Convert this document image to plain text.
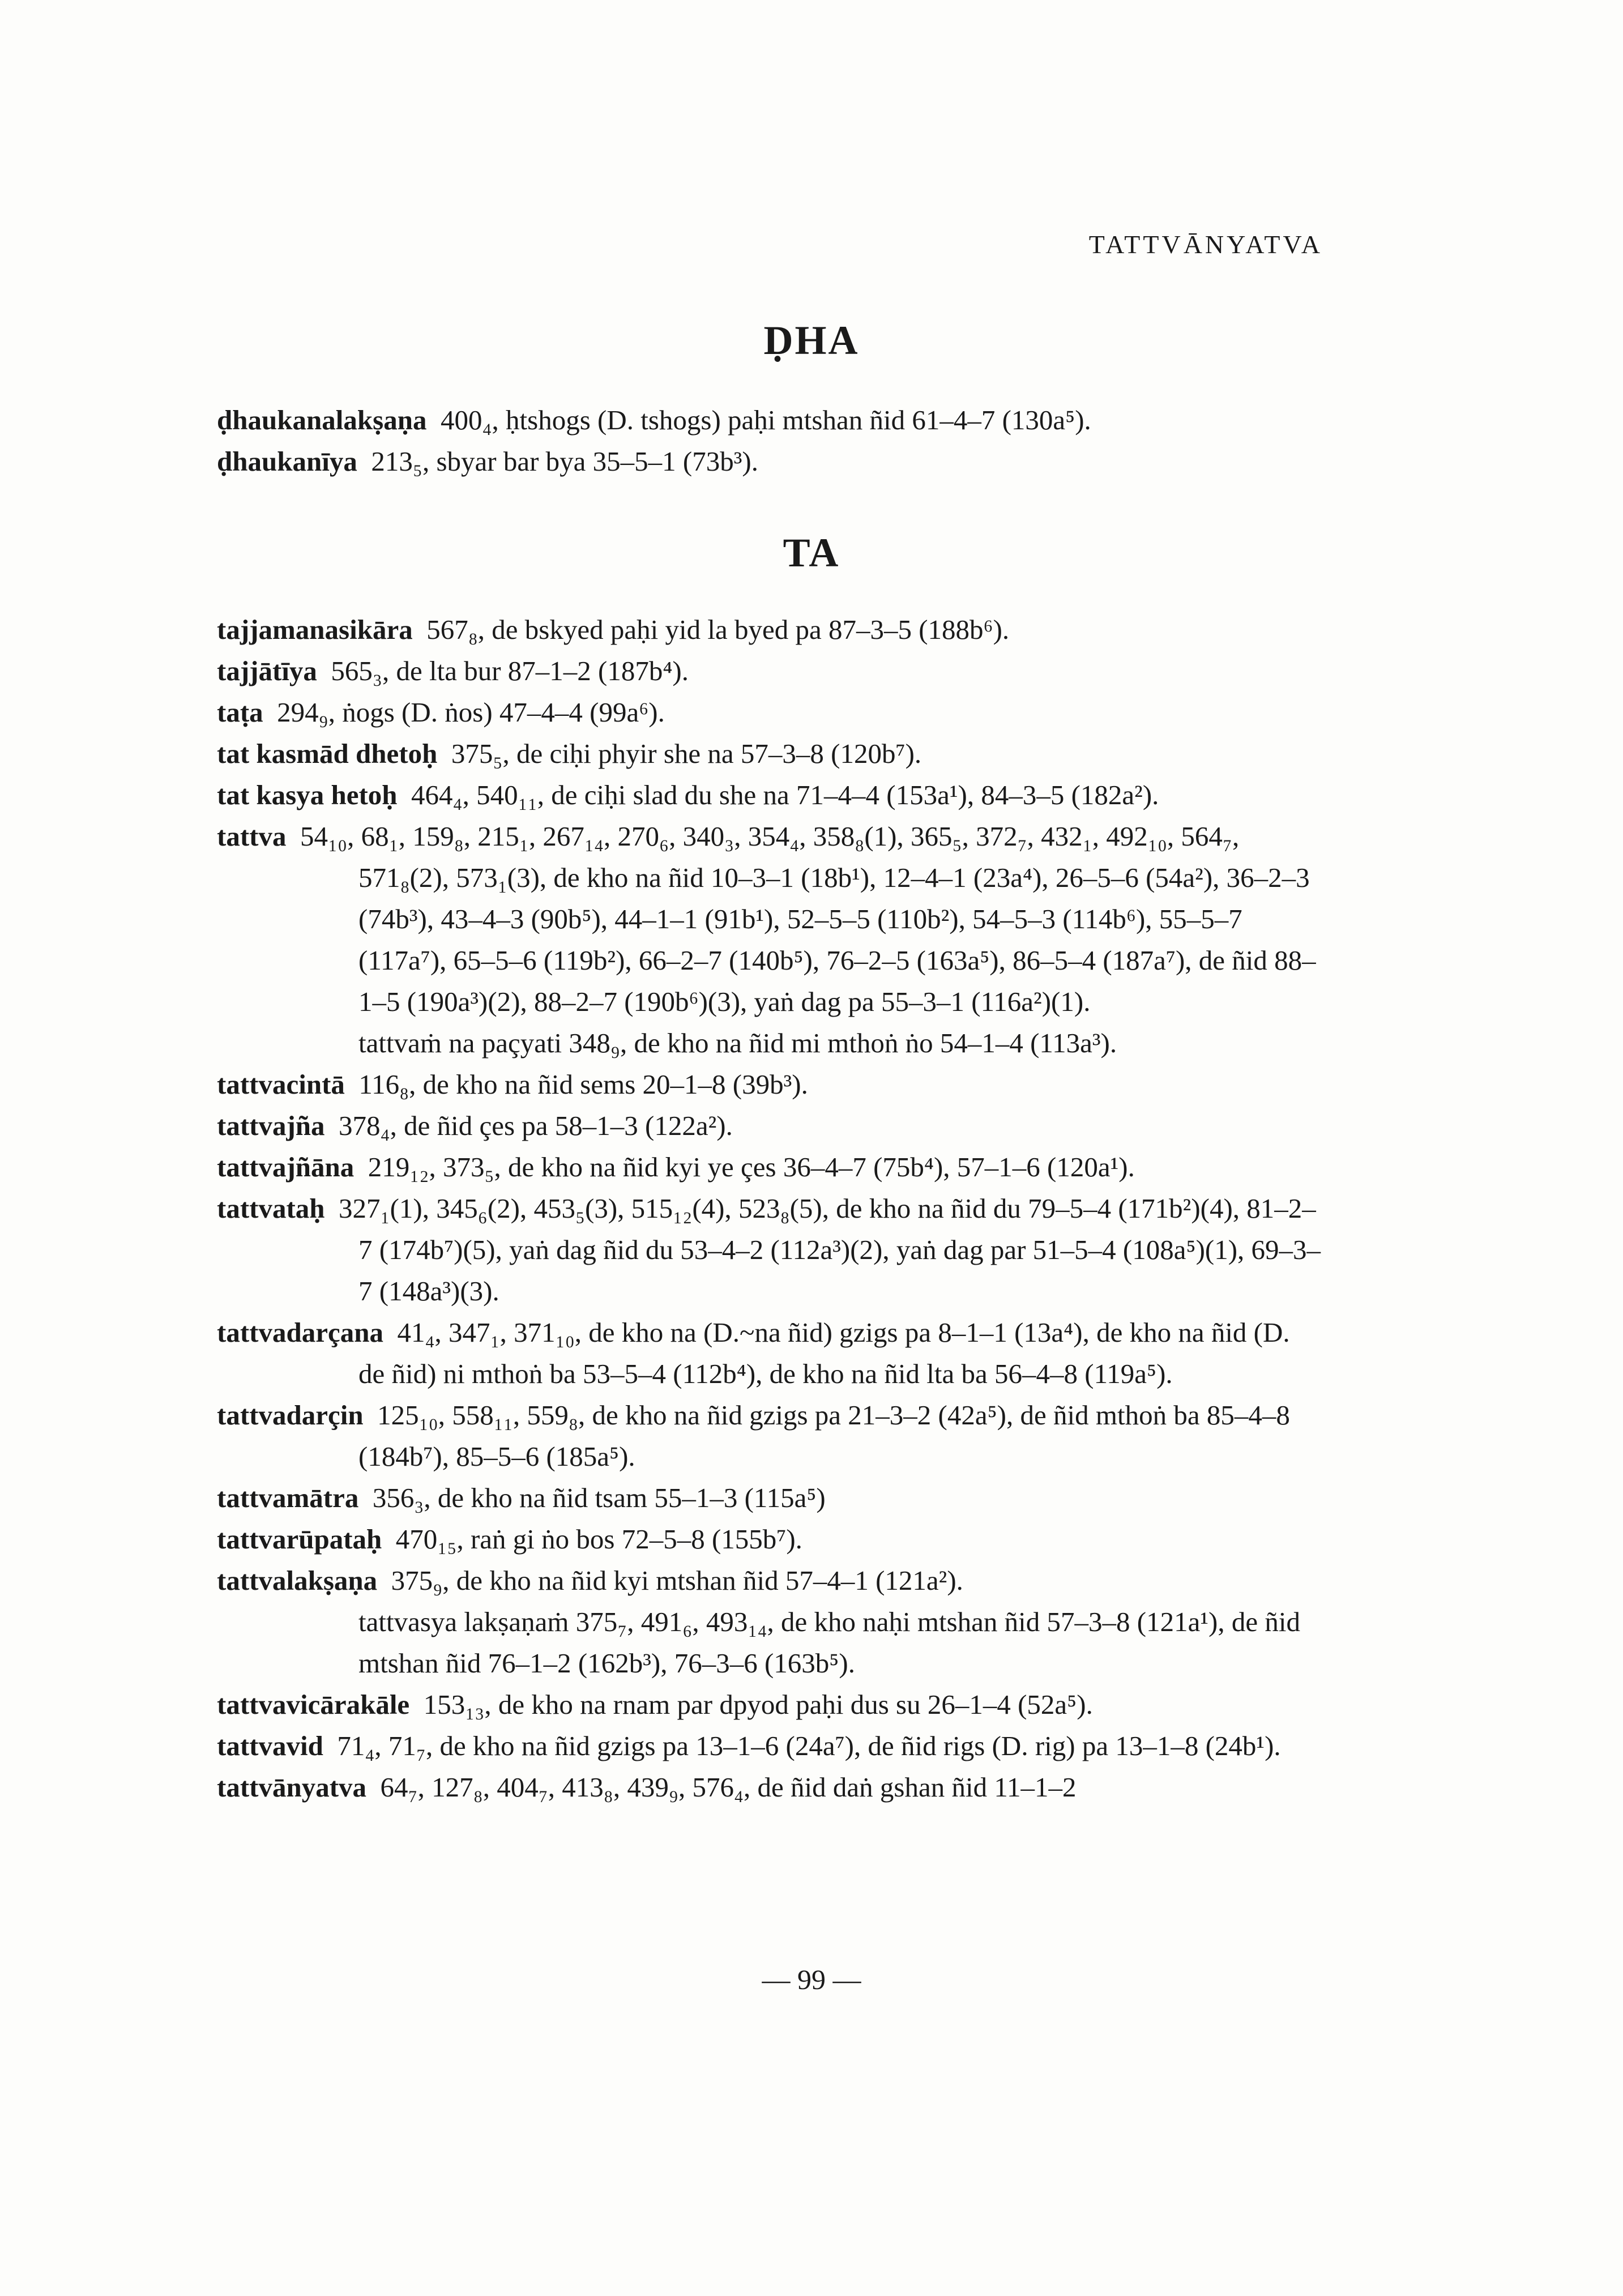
TATTVĀNYATVA
ḌHA
ḍhaukanalakṣaṇa 400₄, ḥtshogs (D. tshogs) paḥi mtshan ñid 61–4–7 (130a⁵).
ḍhaukanīya 213₅, sbyar bar bya 35–5–1 (73b³).
TA
tajjamanasikāra 567₈, de bskyed paḥi yid la byed pa 87–3–5 (188b⁶).
tajjātīya 565₃, de lta bur 87–1–2 (187b⁴).
taṭa 294₉, ṅogs (D. ṅos) 47–4–4 (99a⁶).
tat kasmād dhetoḥ 375₅, de ciḥi phyir she na 57–3–8 (120b⁷).
tat kasya hetoḥ 464₄, 540₁₁, de ciḥi slad du she na 71–4–4 (153a¹), 84–3–5 (182a²).
tattva 54₁₀, 68₁, 159₈, 215₁, 267₁₄, 270₆, 340₃, 354₄, 358₈(1), 365₅, 372₇, 432₁, 492₁₀, 564₇, 571₈(2), 573₁(3), de kho na ñid 10–3–1 (18b¹), 12–4–1 (23a⁴), 26–5–6 (54a²), 36–2–3 (74b³), 43–4–3 (90b⁵), 44–1–1 (91b¹), 52–5–5 (110b²), 54–5–3 (114b⁶), 55–5–7 (117a⁷), 65–5–6 (119b²), 66–2–7 (140b⁵), 76–2–5 (163a⁵), 86–5–4 (187a⁷), de ñid 88–1–5 (190a³)(2), 88–2–7 (190b⁶)(3), yaṅ dag pa 55–3–1 (116a²)(1).
tattvaṁ na paçyati 348₉, de kho na ñid mi mthoṅ ṅo 54–1–4 (113a³).
tattvacintā 116₈, de kho na ñid sems 20–1–8 (39b³).
tattvajña 378₄, de ñid çes pa 58–1–3 (122a²).
tattvajñāna 219₁₂, 373₅, de kho na ñid kyi ye çes 36–4–7 (75b⁴), 57–1–6 (120a¹).
tattvataḥ 327₁(1), 345₆(2), 453₅(3), 515₁₂(4), 523₈(5), de kho na ñid du 79–5–4 (171b²)(4), 81–2–7 (174b⁷)(5), yaṅ dag ñid du 53–4–2 (112a³)(2), yaṅ dag par 51–5–4 (108a⁵)(1), 69–3–7 (148a³)(3).
tattvadarçana 41₄, 347₁, 371₁₀, de kho na (D.~na ñid) gzigs pa 8–1–1 (13a⁴), de kho na ñid (D. de ñid) ni mthoṅ ba 53–5–4 (112b⁴), de kho na ñid lta ba 56–4–8 (119a⁵).
tattvadarçin 125₁₀, 558₁₁, 559₈, de kho na ñid gzigs pa 21–3–2 (42a⁵), de ñid mthoṅ ba 85–4–8 (184b⁷), 85–5–6 (185a⁵).
tattvamātra 356₃, de kho na ñid tsam 55–1–3 (115a⁵)
tattvarūpataḥ 470₁₅, raṅ gi ṅo bos 72–5–8 (155b⁷).
tattvalakṣaṇa 375₉, de kho na ñid kyi mtshan ñid 57–4–1 (121a²).
tattvasya lakṣaṇaṁ 375₇, 491₆, 493₁₄, de kho naḥi mtshan ñid 57–3–8 (121a¹), de ñid mtshan ñid 76–1–2 (162b³), 76–3–6 (163b⁵).
tattvavicārakāle 153₁₃, de kho na rnam par dpyod paḥi dus su 26–1–4 (52a⁵).
tattvavid 71₄, 71₇, de kho na ñid gzigs pa 13–1–6 (24a⁷), de ñid rigs (D. rig) pa 13–1–8 (24b¹).
tattvānyatva 64₇, 127₈, 404₇, 413₈, 439₉, 576₄, de ñid daṅ gshan ñid 11–1–2
— 99 —
